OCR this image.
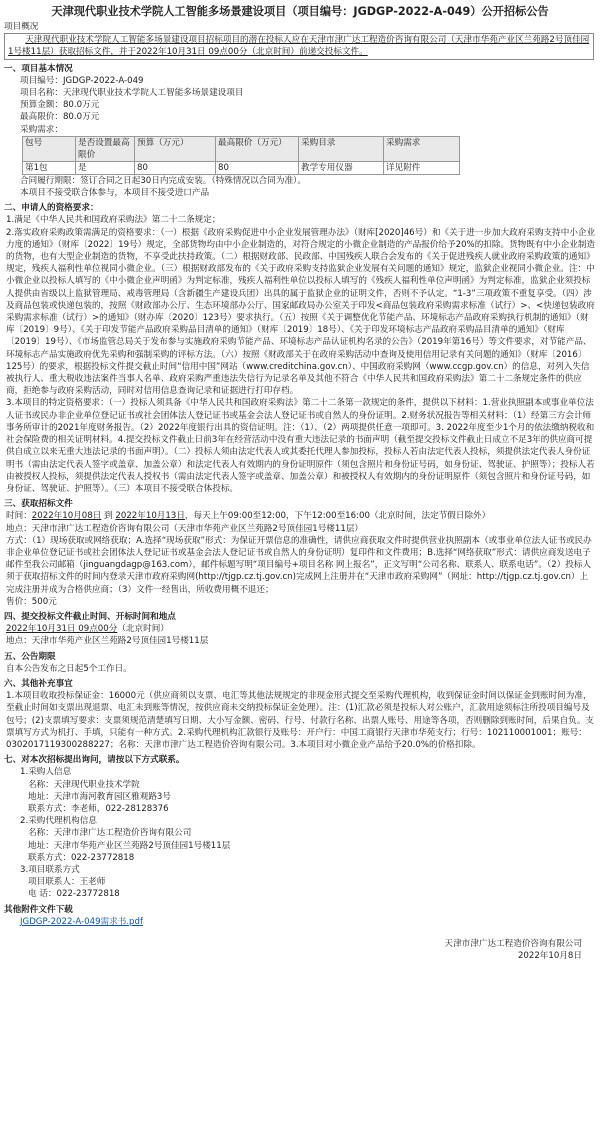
天津现代职业技术学院人工智能多场景建设项目（项目编号：JGDGP-2022-A-049）公开招标公告
项目概况
天津现代职业技术学院人工智能多场景建设项目招标项目的潜在投标人应在天津市津广达工程造价咨询有限公司（天津市华苑产业区兰苑路2号顶佳园1号楼11层）获取招标文件，并于2022年10月31日 09点00分（北京时间）前递交投标文件。
一、项目基本情况
项目编号：JGDGP-2022-A-049
项目名称：天津现代职业技术学院人工智能多场景建设项目
预算金额：80.0万元
最高限价：80.0万元
采购需求：
包号	是否设置最高限价	预算（万元）	最高限价（万元）	采购目录	采购需求
第1包	是	80	80	教学专用仪器	详见附件
合同履行期限：签订合同之日起30日内完成安装。（特殊情况以合同为准）。
本项目不接受联合体参与，本项目不接受进口产品
二、申请人的资格要求：
1.满足《中华人民共和国政府采购法》第二十二条规定；
2.落实政府采购政策需满足的资格要求：（一）根据《政府采购促进中小企业发展管理办法》（财库[2020]46号）和《关于进一步加大政府采购支持中小企业力度的通知》（财库〔2022〕19号）规定，全部货物均由中小企业制造的，对符合规定的小微企业制造的产品报价给予20%的扣除。货物既有中小企业制造的货物，也有大型企业制造的货物，不享受此扶持政策。（二）根据财政部、民政部、中国残疾人联合会发布的《关于促进残疾人就业政府采购政策的通知》规定，残疾人福利性单位视同小微企业。（三）根据财政部发布的《关于政府采购支持监狱企业发展有关问题的通知》规定，监狱企业视同小微企业。注：中小微企业以投标人填写的《中小微企业声明函》为判定标准，残疾人福利性单位以投标人填写的《残疾人福利性单位声明函》为判定标准，监狱企业须投标人提供由省级以上监狱管理局、戒毒管理局（含新疆生产建设兵团）出具的属于监狱企业的证明文件，否则不予认定。“1-3”三项政策不重复享受。（四）涉及商品包装或快递包装的，按照《财政部办公厅、生态环境部办公厅、国家邮政局办公室关于印发<商品包装政府采购需求标准（试行）>、<快递包装政府采购需求标准（试行）>的通知》（财办库〔2020〕123号）要求执行。（五）按照《关于调整优化节能产品、环境标志产品政府采购执行机制的通知》（财库〔2019〕9号）、《关于印发节能产品政府采购品目清单的通知》（财库〔2019〕18号）、《关于印发环境标志产品政府采购品目清单的通知》（财库〔2019〕19号）、《市场监管总局关于发布参与实施政府采购节能产品、环境标志产品认证机构名录的公告》（2019年第16号）等文件要求，对节能产品、环境标志产品实施政府优先采购和强制采购的评标方法。（六）按照《财政部关于在政府采购活动中查询及使用信用记录有关问题的通知》（财库〔2016〕125号）的要求，根据投标文件提交截止时间“信用中国”网站（www.creditchina.gov.cn）、中国政府采购网（www.ccgp.gov.cn）的信息，对列入失信被执行人、重大税收违法案件当事人名单、政府采购严重违法失信行为记录名单及其他不符合《中华人民共和国政府采购法》第二十二条规定条件的供应商，拒绝参与政府采购活动，同时对信用信息查询记录和证据进行打印存档。
3.本项目的特定资格要求：（一）投标人须具备《中华人民共和国政府采购法》第二十二条第一款规定的条件，提供以下材料：1.营业执照副本或事业单位法人证书或民办非企业单位登记证书或社会团体法人登记证书或基金会法人登记证书或自然人的身份证明。2.财务状况报告等相关材料：（1）经第三方会计师事务所审计的2021年度财务报告。（2）2022年度银行出具的资信证明。注：（1）、（2）两项提供任意一项即可。3. 2022年度至少1个月的依法缴纳税收和社会保险费的相关证明材料。4.提交投标文件截止日前3年在经营活动中没有重大违法记录的书面声明（截至提交投标文件截止日成立不足3年的供应商可提供自成立以来无重大违法记录的书面声明）。（二）投标人须由法定代表人或其委托代理人参加投标，投标人若由法定代表人投标，须提供法定代表人身份证明书（需由法定代表人签字或盖章、加盖公章）和法定代表人有效期内的身份证明原件（须包含照片和身份证号码，如身份证、驾驶证、护照等）；投标人若由被授权人投标，须提供法定代表人授权书（需由法定代表人签字或盖章、加盖公章）和被授权人有效期内的身份证明原件（须包含照片和身份证号码，如身份证、驾驶证、护照等）。（三）本项目不接受联合体投标。
三、获取招标文件
时间：2022年10月08日 到 2022年10月13日，每天上午09:00至12:00，下午12:00至16:00（北京时间，法定节假日除外）
地点：天津市津广达工程造价咨询有限公司（天津市华苑产业区兰苑路2号顶佳园1号楼11层）
方式：（1）现场获取或网络获取；A.选择“现场获取”形式：为保证开票信息的准确性，请供应商获取文件时提供营业执照副本（或事业单位法人证书或民办非企业单位登记证书或社会团体法人登记证书或基金会法人登记证书或自然人的身份证明）复印件和文件费用；B.选择“网络获取”形式：请供应商发送电子邮件至我公司邮箱（jinguangdagp@163.com），邮件标题写明“项目编号+项目名称 网上报名”，正文写明“公司名称、联系人、联系电话”。（2）投标人须于获取招标文件的时间内登录天津市政府采购网(http://tjgp.cz.tj.gov.cn)完成网上注册并在“天津市政府采购网”（网址：http://tjgp.cz.tj.gov.cn）上完成注册并成为合格供应商；（3）文件一经售出，所收费用概不退还；
售价：500元
四、提交投标文件截止时间、开标时间和地点
2022年10月31日 09点00分（北京时间）
地点：天津市华苑产业区兰苑路2号顶佳园1号楼11层
五、公告期限
自本公告发布之日起5个工作日。
六、其他补充事宜
1.本项目收取投标保证金：16000元（供应商须以支票、电汇等其他法规规定的非现金形式提交至采购代理机构，收到保证金时间以保证金到账时间为准，至截止时间如支票出现退票、电汇未到账等情况，按供应商未交纳投标保证金处理）。注：(1)汇款必须是投标人对公账户，汇款用途须标注所投项目编号及包号；(2)支票填写要求：支票须规范清楚填写日期、大小写金额、密码、行号、付款行名称、出票人账号、用途等各项，否则删除到账时间，后果自负。支票填写方式为机打、手填，只能有一种方式。2.采购代理机构汇款银行及账号：开户行：中国工商银行天津市华苑支行；行号：102110001001；账号：0302017119300288227；名称：天津市津广达工程造价咨询有限公司。3.本项目对小微企业产品给予20.0%的价格扣除。
七、对本次招标提出询问，请按以下方式联系。
1.采购人信息
名称：天津现代职业技术学院
地址：天津市海河教育园区雅观路3号
联系方式：李老师，022-28128376
2.采购代理机构信息
名称：天津市津广达工程造价咨询有限公司
地址：天津市华苑产业区兰苑路2号顶佳园1号楼11层
联系方式：022-23772818
3.项目联系方式
项目联系人：王老师
电 话：022-23772818
其他附件文件下载
JGDGP-2022-A-049需求书.pdf
天津市津广达工程造价咨询有限公司
2022年10月8日
